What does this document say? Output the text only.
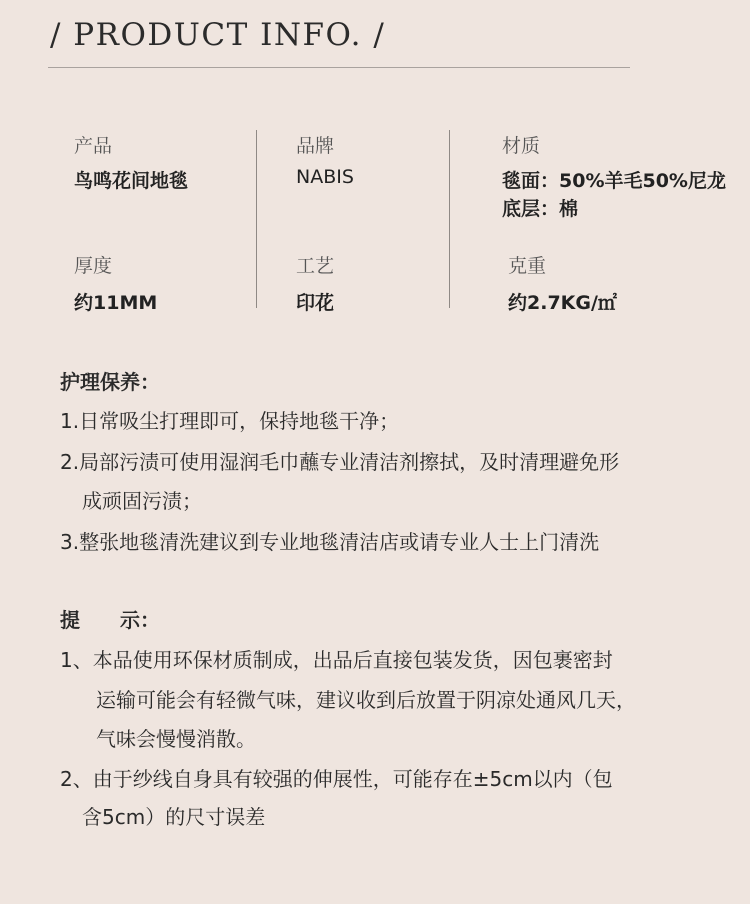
/ PRODUCT INFO. /
产品
鸟鸣花间地毯
品牌
NABIS
材质
毯面：50%羊毛50%尼龙
底层：棉
厚度
约11MM
工艺
印花
克重
约2.7KG/㎡
护理保养：
1.日常吸尘打理即可，保持地毯干净；
2.局部污渍可使用湿润毛巾蘸专业清洁剂擦拭，及时清理避免形
成顽固污渍；
3.整张地毯清洗建议到专业地毯清洁店或请专业人士上门清洗
提　　示：
1、本品使用环保材质制成，出品后直接包装发货，因包裹密封
运输可能会有轻微气味，建议收到后放置于阴凉处通风几天，
气味会慢慢消散。
2、由于纱线自身具有较强的伸展性，可能存在±5cm以内（包
含5cm）的尺寸误差
